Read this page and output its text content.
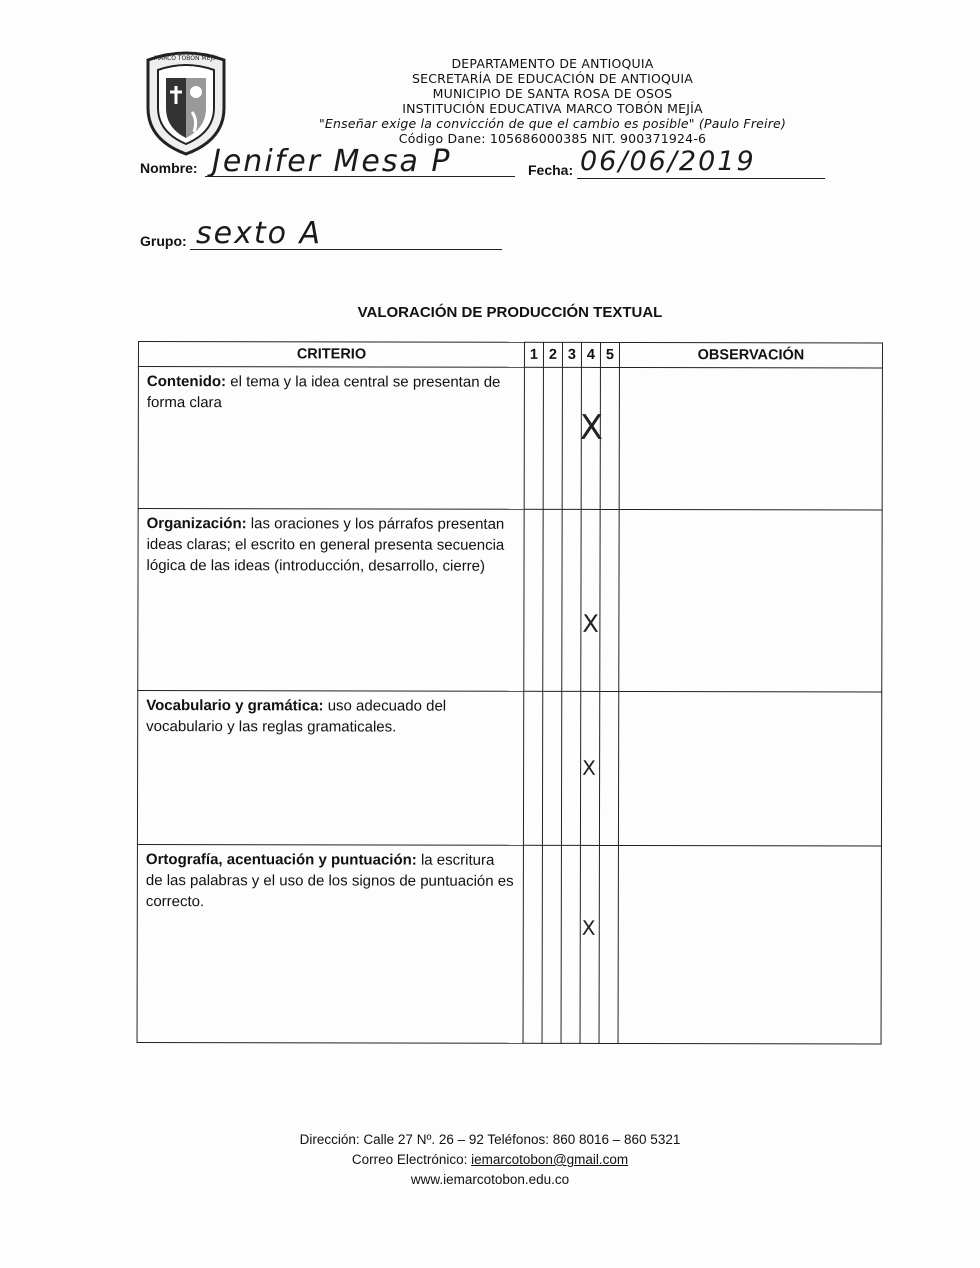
MARCO TOBÓN MEJÍA	DEPARTAMENTO DE ANTIOQUIA
SECRETARÍA DE EDUCACIÓN DE ANTIOQUIA
MUNICIPIO DE SANTA ROSA DE OSOS
INSTITUCIÓN EDUCATIVA MARCO TOBÓN MEJÍA
"Enseñar exige la convicción de que el cambio es posible" (Paulo Freire)
Código Dane: 105686000385 NIT. 900371924-6
Nombre: Jenifer Mesa P	Fecha: 06/06/2019
Grupo: sexto A
VALORACIÓN DE PRODUCCIÓN TEXTUAL
CRITERIO	1	2	3	4	5	OBSERVACIÓN
Contenido: el tema y la idea central se presentan de forma clara				X		

Organización: las oraciones y los párrafos presentan ideas claras; el escrito en general presenta secuencia lógica de las ideas (introducción, desarrollo, cierre)				X		

Vocabulario y gramática: uso adecuado del vocabulario y las reglas gramaticales.				X		

Ortografía, acentuación y puntuación: la escritura de las palabras y el uso de los signos de puntuación es correcto.				X		

Dirección: Calle 27 Nº. 26 – 92 Teléfonos: 860 8016 – 860 5321
Correo Electrónico: iemarcotobon@gmail.com
www.iemarcotobon.edu.co
